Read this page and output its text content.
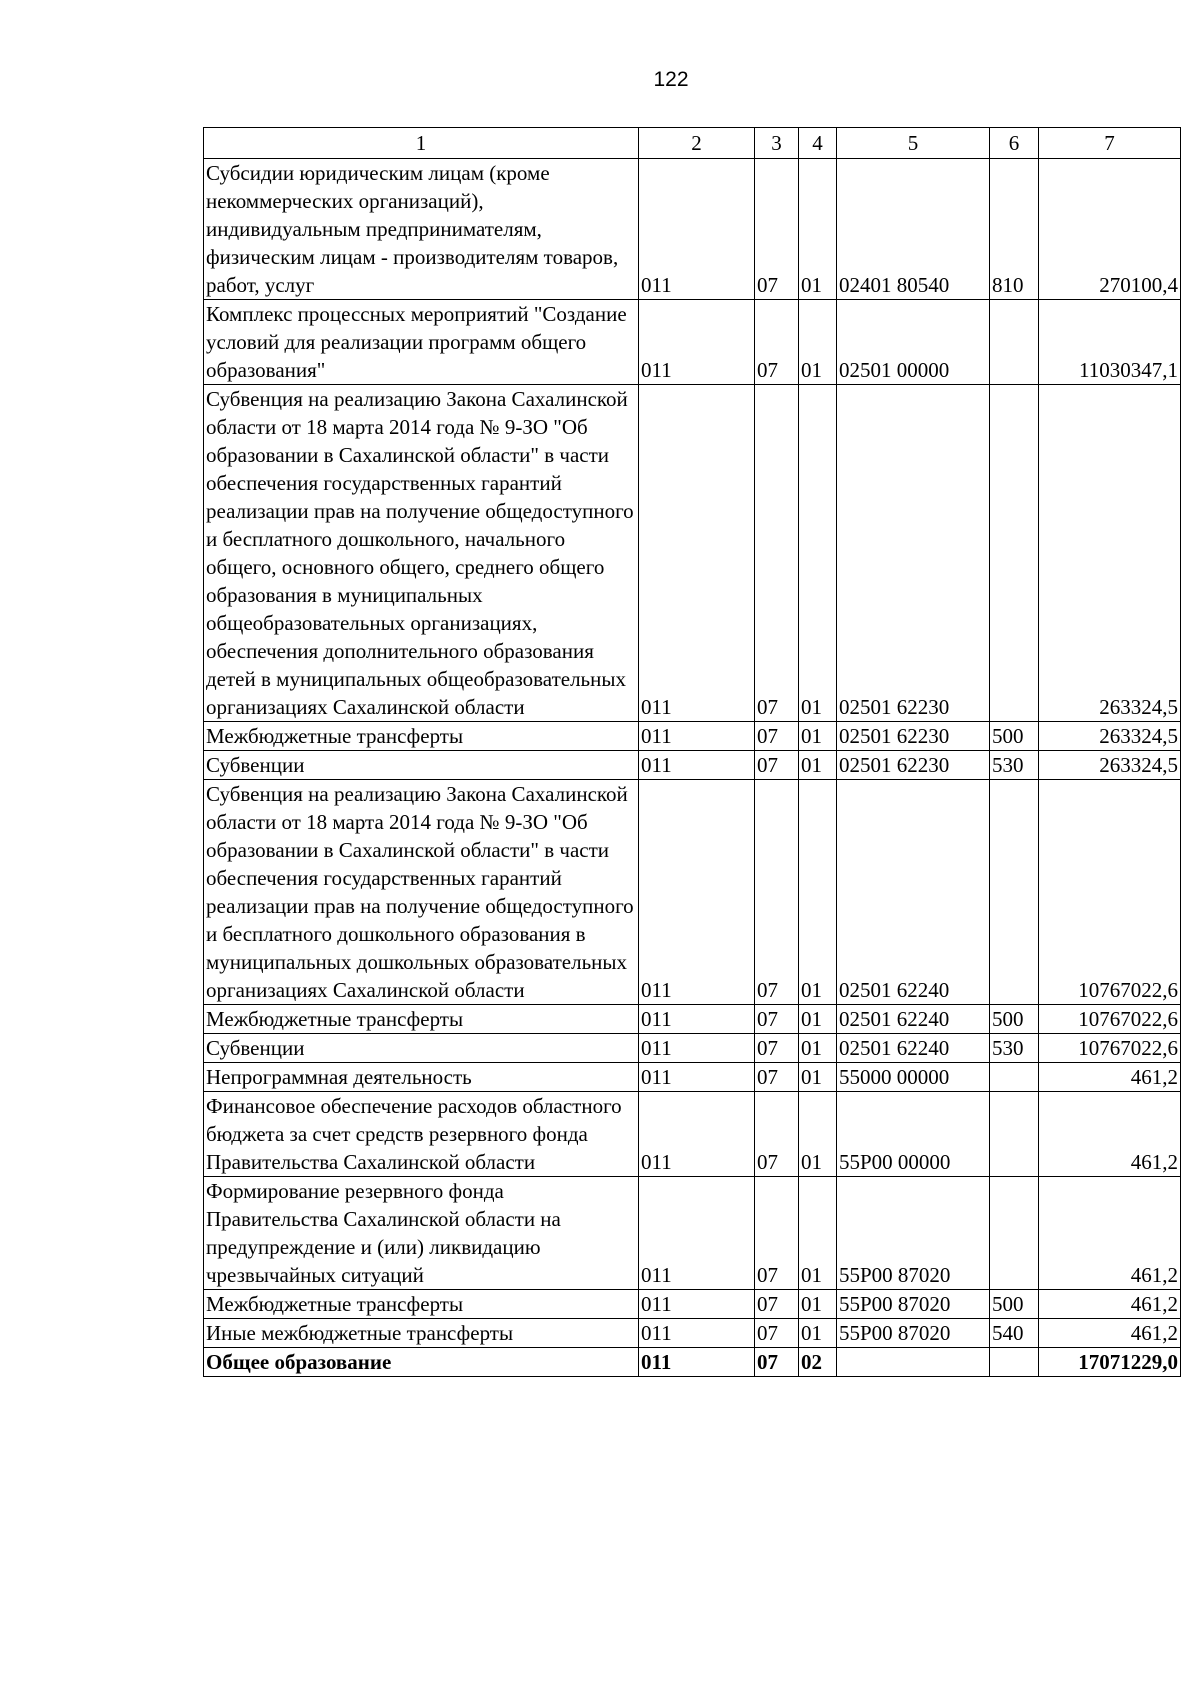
122
1	2	3	4	5	6	7
Субсидии юридическим лицам (кроме некоммерческих организаций), индивидуальным предпринимателям, физическим лицам - производителям товаров, работ, услуг	011	07	01	02401 80540	810	270100,4
Комплекс процессных мероприятий "Создание условий для реализации программ общего образования"	011	07	01	02501 00000		11030347,1
Субвенция на реализацию Закона Сахалинской области от 18 марта 2014 года № 9-ЗО "Об образовании в Сахалинской области" в части обеспечения государственных гарантий реализации прав на получение общедоступного и бесплатного дошкольного, начального общего, основного общего, среднего общего образования в муниципальных общеобразовательных организациях, обеспечения дополнительного образования детей в муниципальных общеобразовательных организациях Сахалинской области	011	07	01	02501 62230		263324,5
Межбюджетные трансферты	011	07	01	02501 62230	500	263324,5
Субвенции	011	07	01	02501 62230	530	263324,5
Субвенция на реализацию Закона Сахалинской области от 18 марта 2014 года № 9-ЗО "Об образовании в Сахалинской области" в части обеспечения государственных гарантий реализации прав на получение общедоступного и бесплатного дошкольного образования в муниципальных дошкольных образовательных организациях Сахалинской области	011	07	01	02501 62240		10767022,6
Межбюджетные трансферты	011	07	01	02501 62240	500	10767022,6
Субвенции	011	07	01	02501 62240	530	10767022,6
Непрограммная деятельность	011	07	01	55000 00000		461,2
Финансовое обеспечение расходов областного бюджета за счет средств резервного фонда Правительства Сахалинской области	011	07	01	55Р00 00000		461,2
Формирование резервного фонда Правительства Сахалинской области на предупреждение и (или) ликвидацию чрезвычайных ситуаций	011	07	01	55Р00 87020		461,2
Межбюджетные трансферты	011	07	01	55Р00 87020	500	461,2
Иные межбюджетные трансферты	011	07	01	55Р00 87020	540	461,2
Общее образование	011	07	02			17071229,0
